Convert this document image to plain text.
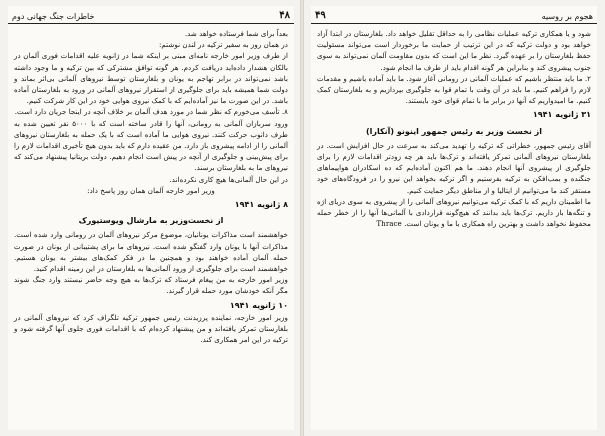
۴۸
خاطرات جنگ جهانی دوم

بعداً برای شما فرستاده خواهد شد.

در همان روز به سفیر ترکیه در لندن نوشتم:

از طرف وزیر امور خارجه نامه‌ای مبنی بر اینکه شما در ژانویه علیه اقدامات فوری آلمان در بالکان هشدار داده‌اید دریافت کردم. هر گونه توافق مشترکی که بین ترکیه و ما وجود داشته باشد نمی‌تواند در برابر تهاجم به یونان و بلغارستان توسط نیروهای آلمانی بی‌اثر بماند و دولت شما همیشه باید برای جلوگیری از استقرار نیروهای آلمانی در ورود به بلغارستان آماده باشد. در این صورت ما نیز آماده‌ایم که با کمک نیروی هوایی خود در این کار شرکت کنیم.

‏۸. تأسف می‌خورم که نظر شما در مورد هدف آلمان بر خلاف آنچه در اینجا جریان دارد است.

ورود سربازان آلمانی به رومانی، آنها را قادر ساخته است که با ۵۰۰۰ نفر تعیین شده به طرف دانوب حرکت کنند. نیروی هوایی ما آماده است که با یک حمله به بلغارستان نیروهای آلمانی را از ادامه پیشروی باز دارد. من عقیده دارم که باید بدون هیچ تأخیری اقدامات لازم را برای پیش‌بینی و جلوگیری از آنچه در پیش است انجام دهیم. دولت بریتانیا پیشنهاد می‌کند که نیروهای ما به بلغارستان برسند.

در این حال آلمانی‌ها هیچ کاری نکرده‌اند.

وزیر امور خارجه آلمان همان روز پاسخ داد:

۸ ژانویه ۱۹۴۱
از نخست‌وزیر به مارشال ویوستیورک

خواهشمند است مذاکرات یونانیان، موضوع مرکز نیروهای آلمان در رومانی وارد شده است. مذاکرات آنها با یونان وارد گفتگو شده است. نیروهای ما برای پشتیبانی از یونان در صورت حمله آلمان آماده خواهند بود و همچنین ما در فکر کمک‌های بیشتر به یونان هستیم. خواهشمند است برای جلوگیری از ورود آلمانی‌ها به بلغارستان در این زمینه اقدام کنید.

وزیر امور خارجه به من پیغام فرستاد که ترک‌ها به هیچ وجه حاضر نیستند وارد جنگ شوند مگر آنکه خودشان مورد حمله قرار گیرند.

۱۰ ژانویه ۱۹۴۱

وزیر امور خارجه، نماینده پرزیدنت رئیس جمهور ترکیه تلگراف کرد که نیروهای آلمانی در بلغارستان تمرکز یافته‌اند و من پیشنهاد کرده‌ام که با اقدامات فوری جلوی آنها گرفته شود و ترکیه در این امر همکاری کند.

هجوم بر روسیه
۴۹

شود و یا همکاری ترکیه عملیات نظامی را به حداقل تقلیل خواهد داد. بلغارستان در ابتدا آزاد خواهد بود و دولت ترکیه که در این ترتیب از حمایت ما برخوردار است می‌تواند مسئولیت حفظ بلغارستان را بر عهده گیرد. نظر ما این است که بدون مقاومت آلمان نمی‌تواند به سوی جنوب پیشروی کند و بنابراین هر گونه اقدام باید از طرف ما انجام شود.

‏۲. ما باید منتظر باشیم که عملیات آلمانی در رومانی آغاز شود. ما باید آماده باشیم و مقدمات لازم را فراهم کنیم. ما باید در آن وقت با تمام قوا به جلوگیری بپردازیم و به بلغارستان کمک کنیم. ما امیدواریم که آنها در برابر ما با تمام قوای خود بایستند.

۳۱ ژانویه ۱۹۴۱
از نخست وزیر به رئیس جمهور اینونو (آنکارا)

آقای رئیس جمهور، خطراتی که ترکیه را تهدید می‌کند به سرعت در حال افزایش است. در بلغارستان نیروهای آلمانی تمرکز یافته‌اند و ترک‌ها باید هر چه زودتر اقدامات لازم را برای جلوگیری از پیشروی آنها انجام دهند. ما هم اکنون آماده‌ایم که ده اسکادران هواپیماهای جنگنده و بمب‌افکن به ترکیه بفرستیم و اگر ترکیه بخواهد این نیرو را در فرودگاه‌های خود مستقر کند ما می‌توانیم از ایتالیا و از مناطق دیگر حمایت کنیم.

ما اطمینان داریم که با کمک ترکیه می‌توانیم نیروهای آلمانی را از پیشروی به سوی دریای اژه و تنگه‌ها باز داریم. ترک‌ها باید بدانند که هیچ‌گونه قراردادی با آلمانی‌ها آنها را از خطر حمله محفوظ نخواهد داشت و بهترین راه همکاری با ما و یونان است. Thrace
